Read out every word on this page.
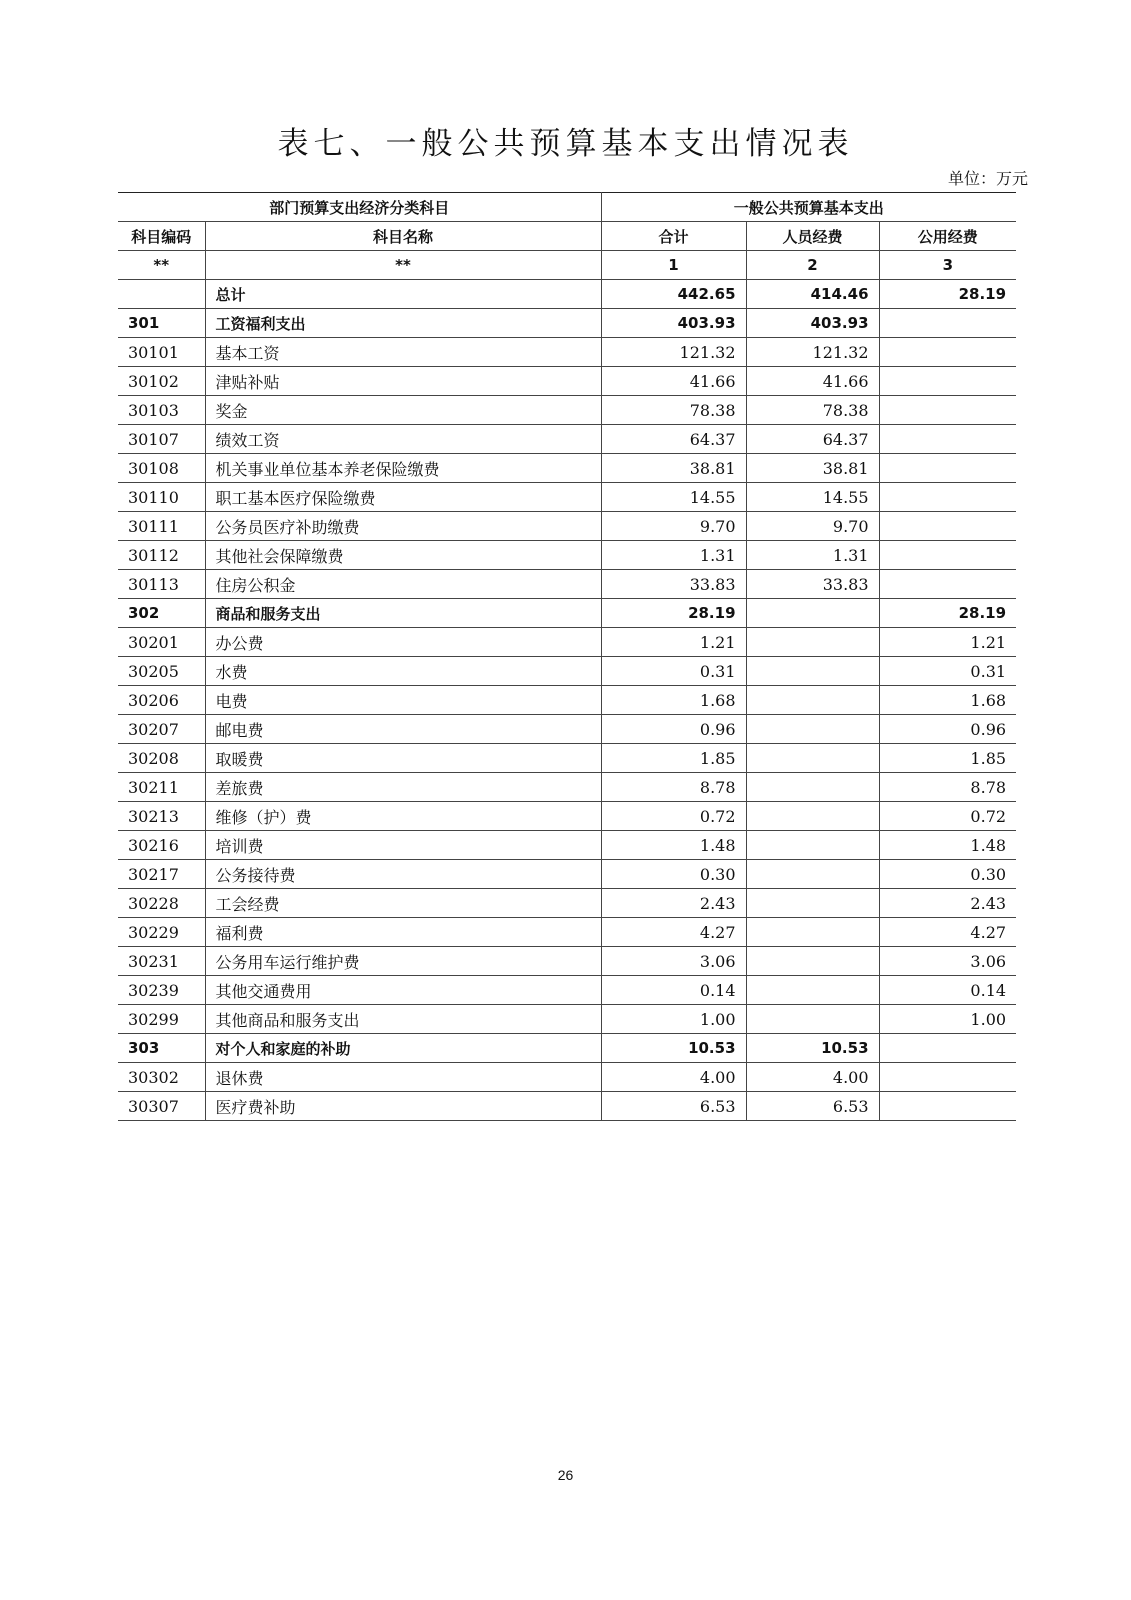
表七、一般公共预算基本支出情况表
单位：万元
部门预算支出经济分类科目		一般公共预算基本支出		
科目编码	科目名称	合计	人员经费	公用经费
**	**	1	2	3
	总计	442.65	414.46	28.19
301	工资福利支出	403.93	403.93	
30101	基本工资	121.32	121.32	
30102	津贴补贴	41.66	41.66	
30103	奖金	78.38	78.38	
30107	绩效工资	64.37	64.37	
30108	机关事业单位基本养老保险缴费	38.81	38.81	
30110	职工基本医疗保险缴费	14.55	14.55	
30111	公务员医疗补助缴费	9.70	9.70	
30112	其他社会保障缴费	1.31	1.31	
30113	住房公积金	33.83	33.83	
302	商品和服务支出	28.19		28.19
30201	办公费	1.21		1.21
30205	水费	0.31		0.31
30206	电费	1.68		1.68
30207	邮电费	0.96		0.96
30208	取暖费	1.85		1.85
30211	差旅费	8.78		8.78
30213	维修（护）费	0.72		0.72
30216	培训费	1.48		1.48
30217	公务接待费	0.30		0.30
30228	工会经费	2.43		2.43
30229	福利费	4.27		4.27
30231	公务用车运行维护费	3.06		3.06
30239	其他交通费用	0.14		0.14
30299	其他商品和服务支出	1.00		1.00
303	对个人和家庭的补助	10.53	10.53	
30302	退休费	4.00	4.00	
30307	医疗费补助	6.53	6.53	
26
